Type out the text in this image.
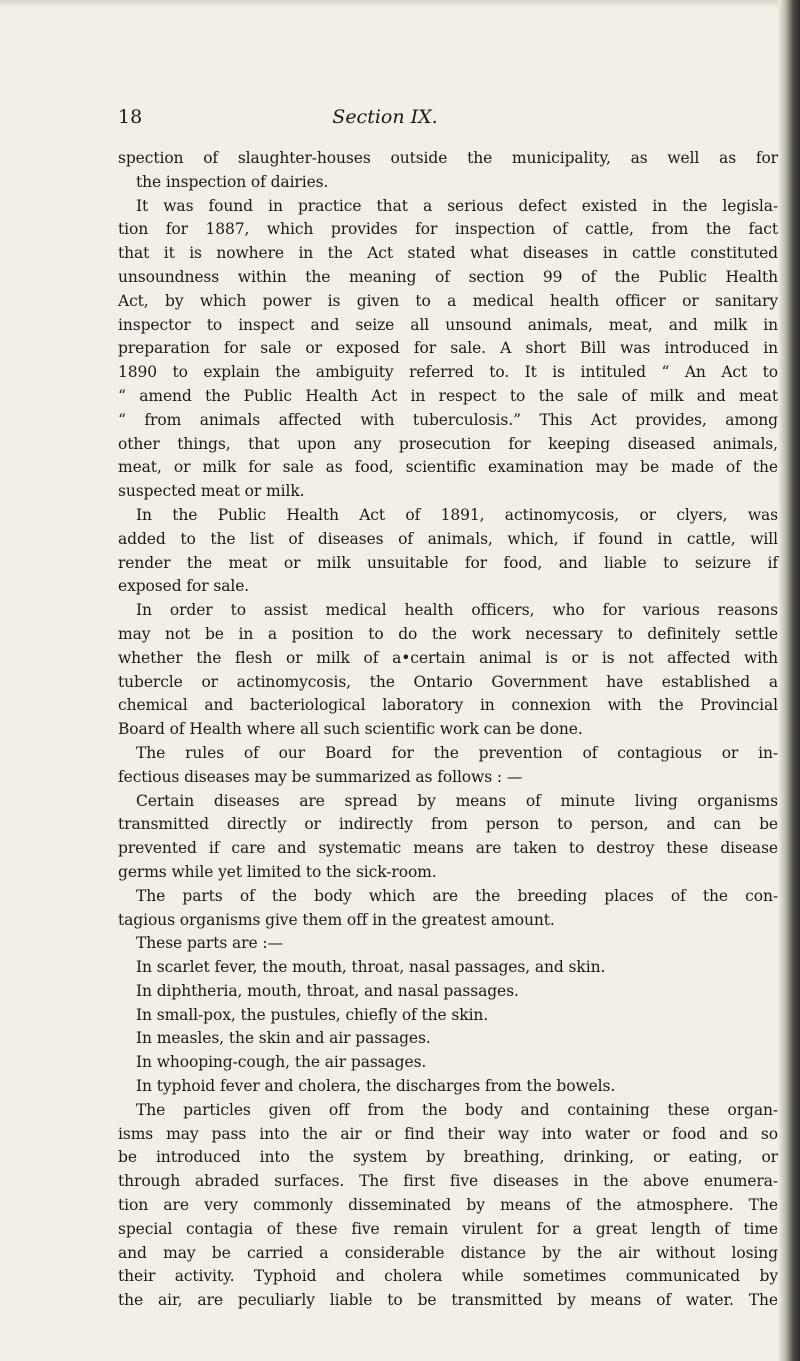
18	Section IX.
spection of slaughter-houses outside the municipality, as well as for
the inspection of dairies.
It was found in practice that a serious defect existed in the legisla-
tion for 1887, which provides for inspection of cattle, from the fact
that it is nowhere in the Act stated what diseases in cattle constituted
unsoundness within the meaning of section 99 of the Public Health
Act, by which power is given to a medical health officer or sanitary
inspector to inspect and seize all unsound animals, meat, and milk in
preparation for sale or exposed for sale. A short Bill was introduced in
1890 to explain the ambiguity referred to. It is intituled “ An Act to
“ amend the Public Health Act in respect to the sale of milk and meat
“ from animals affected with tuberculosis.” This Act provides, among
other things, that upon any prosecution for keeping diseased animals,
meat, or milk for sale as food, scientific examination may be made of the
suspected meat or milk.
In the Public Health Act of 1891, actinomycosis, or clyers, was
added to the list of diseases of animals, which, if found in cattle, will
render the meat or milk unsuitable for food, and liable to seizure if
exposed for sale.
In order to assist medical health officers, who for various reasons
may not be in a position to do the work necessary to definitely settle
whether the flesh or milk of a•certain animal is or is not affected with
tubercle or actinomycosis, the Ontario Government have established a
chemical and bacteriological laboratory in connexion with the Provincial
Board of Health where all such scientific work can be done.
The rules of our Board for the prevention of contagious or in-
fectious diseases may be summarized as follows : —
Certain diseases are spread by means of minute living organisms
transmitted directly or indirectly from person to person, and can be
prevented if care and systematic means are taken to destroy these disease
germs while yet limited to the sick-room.
The parts of the body which are the breeding places of the con-
tagious organisms give them off in the greatest amount.
These parts are :—
In scarlet fever, the mouth, throat, nasal passages, and skin.
In diphtheria, mouth, throat, and nasal passages.
In small-pox, the pustules, chiefly of the skin.
In measles, the skin and air passages.
In whooping-cough, the air passages.
In typhoid fever and cholera, the discharges from the bowels.
The particles given off from the body and containing these organ-
isms may pass into the air or find their way into water or food and so
be introduced into the system by breathing, drinking, or eating, or
through abraded surfaces. The first five diseases in the above enumera-
tion are very commonly disseminated by means of the atmosphere. The
special contagia of these five remain virulent for a great length of time
and may be carried a considerable distance by the air without losing
their activity. Typhoid and cholera while sometimes communicated by
the air, are peculiarly liable to be transmitted by means of water. The
